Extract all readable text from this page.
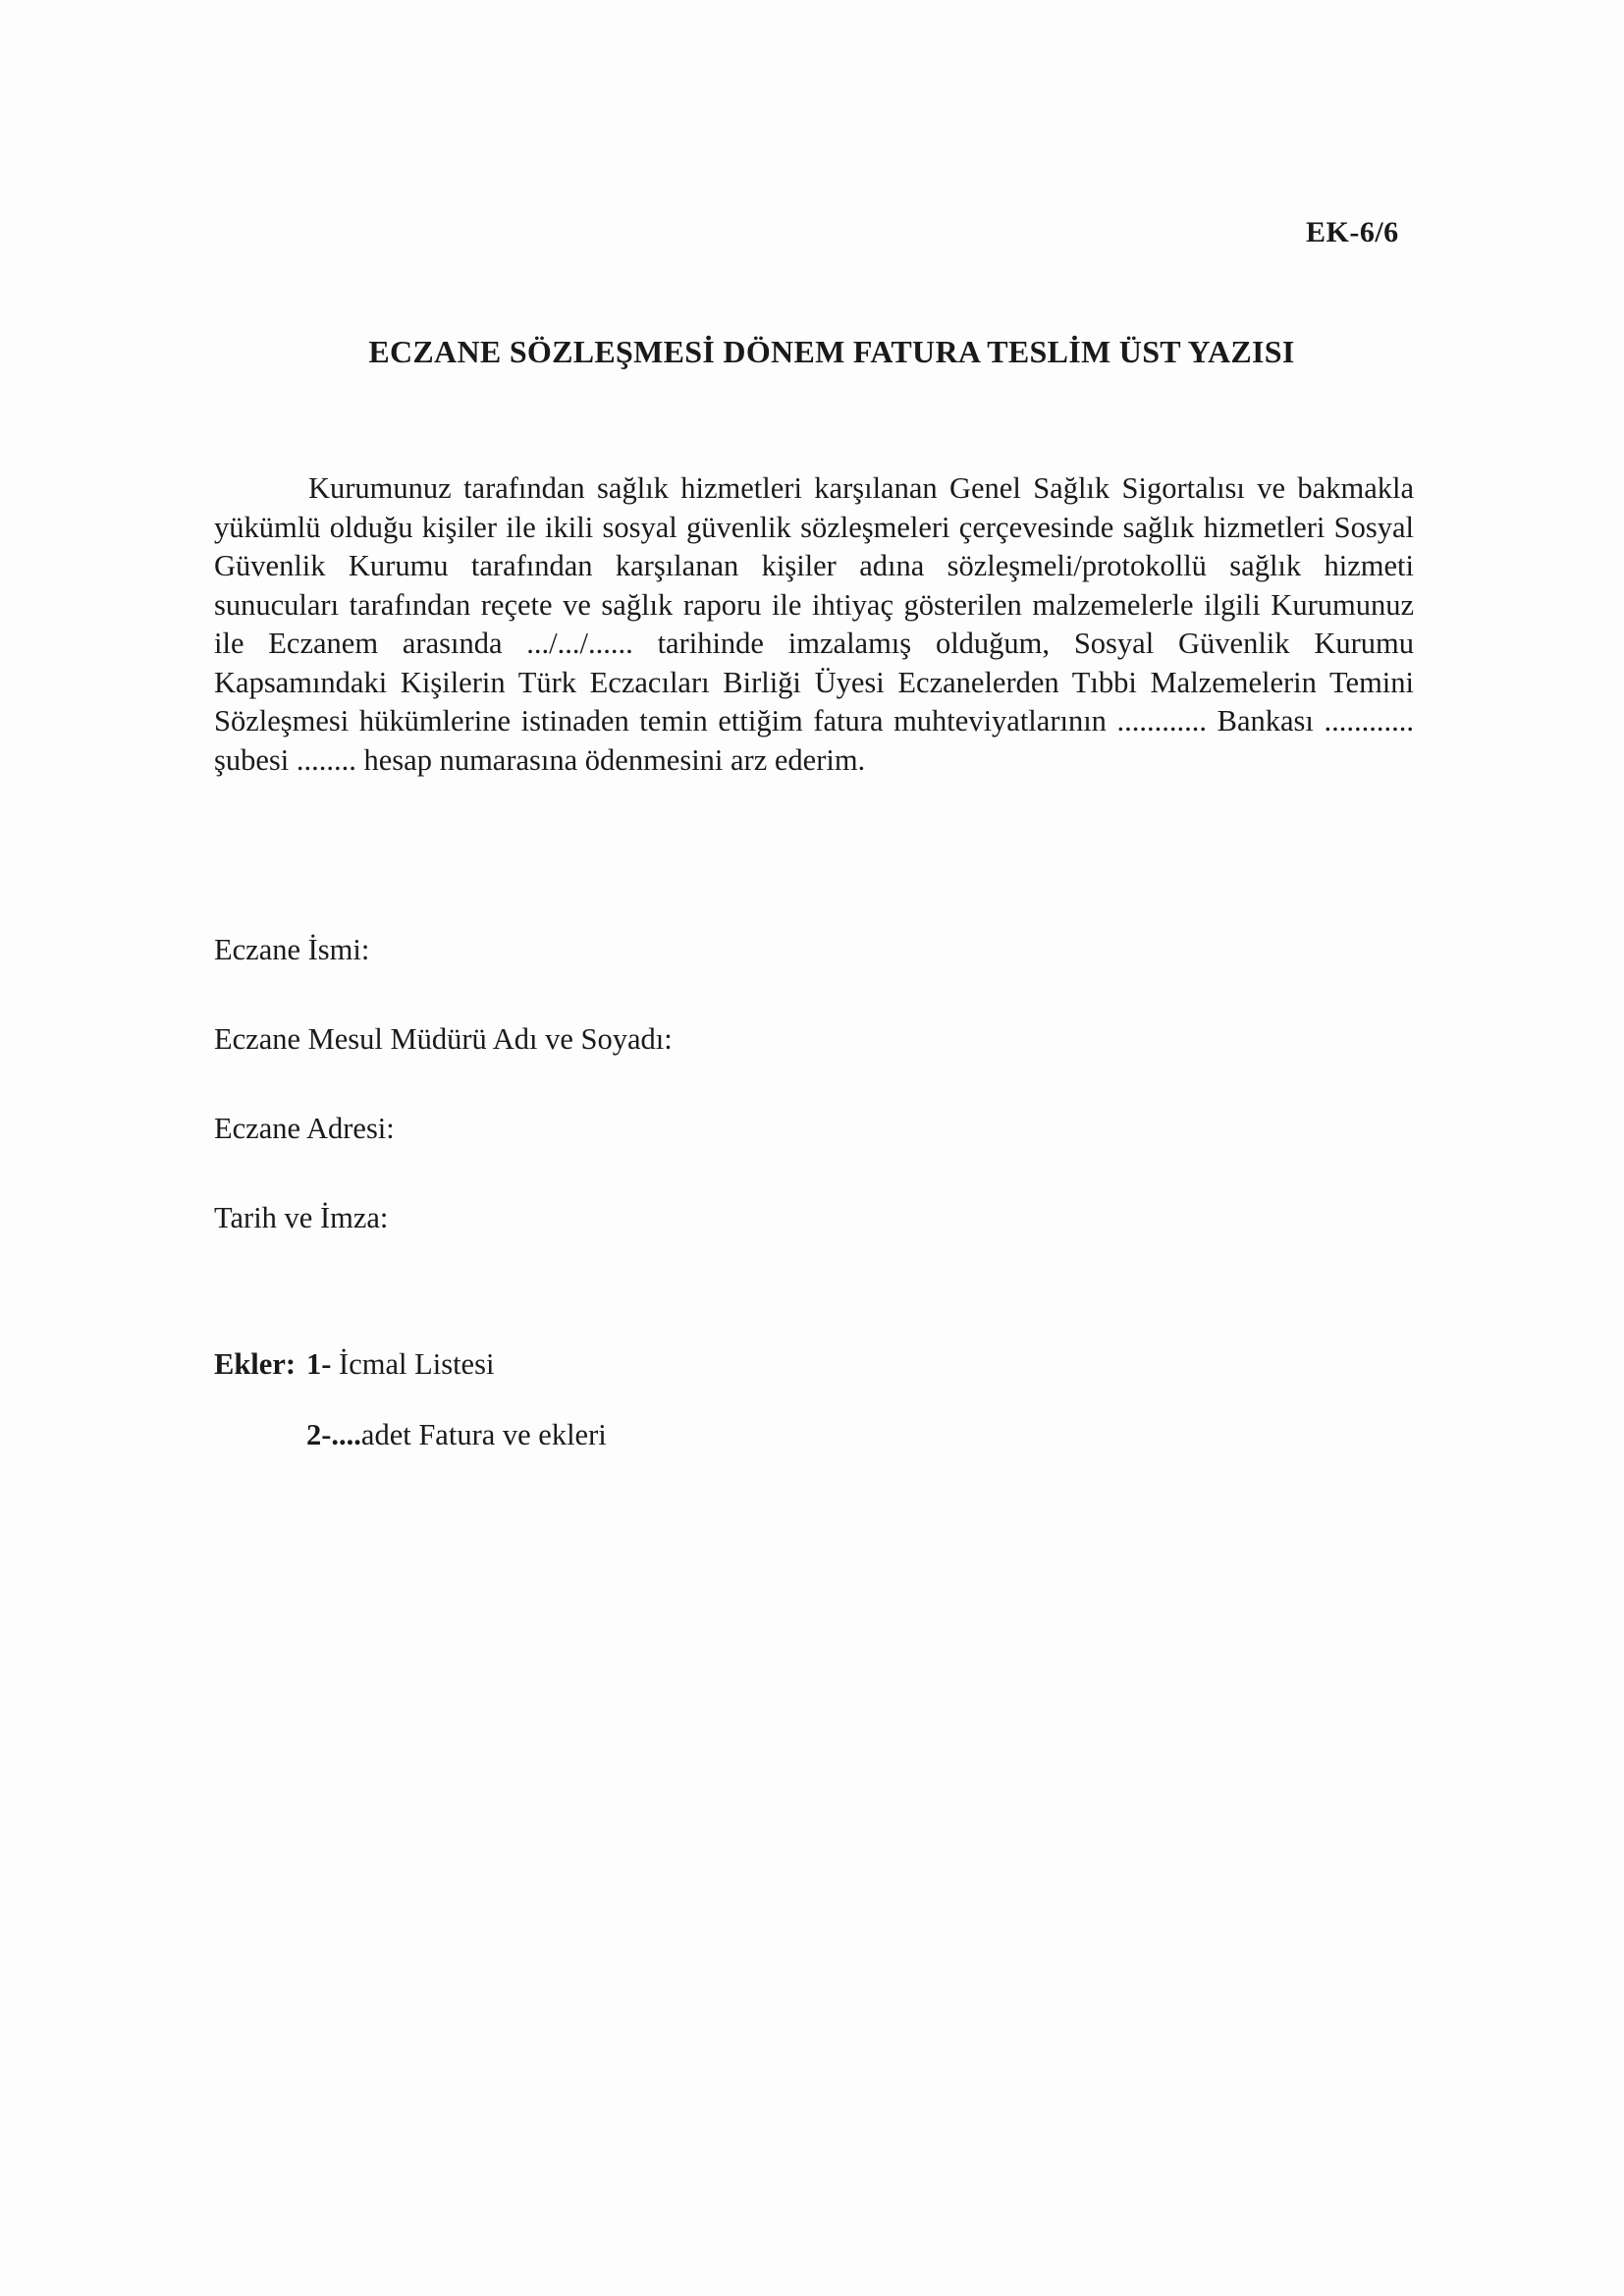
EK-6/6
ECZANE SÖZLEŞMESİ DÖNEM FATURA TESLİM ÜST YAZISI

Kurumunuz tarafından sağlık hizmetleri karşılanan Genel Sağlık Sigortalısı ve bakmakla yükümlü olduğu kişiler ile ikili sosyal güvenlik sözleşmeleri çerçevesinde sağlık hizmetleri Sosyal Güvenlik Kurumu tarafından karşılanan kişiler adına sözleşmeli/protokollü sağlık hizmeti sunucuları tarafından reçete ve sağlık raporu ile ihtiyaç gösterilen malzemelerle ilgili Kurumunuz ile Eczanem arasında .../.../...... tarihinde imzalamış olduğum, Sosyal Güvenlik Kurumu Kapsamındaki Kişilerin Türk Eczacıları Birliği Üyesi Eczanelerden Tıbbi Malzemelerin Temini Sözleşmesi hükümlerine istinaden temin ettiğim fatura muhteviyatlarının ............ Bankası ............ şubesi ........ hesap numarasına ödenmesini arz ederim.

Eczane İsmi:
Eczane Mesul Müdürü Adı ve Soyadı:
Eczane Adresi:
Tarih ve İmza:
Ekler: 1- İcmal Listesi
2-....adet Fatura ve ekleri
